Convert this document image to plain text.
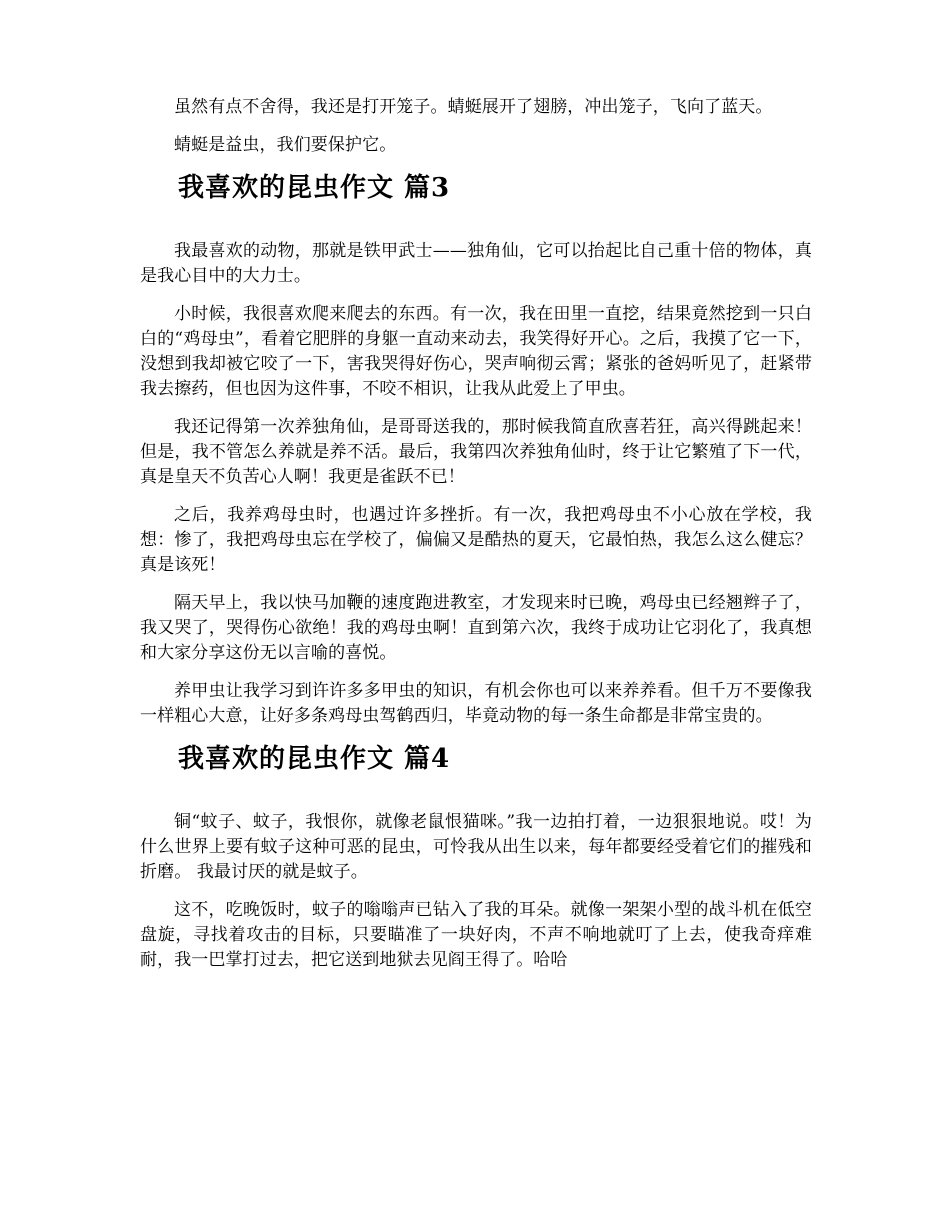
虽然有点不舍得，我还是打开笼子。蜻蜓展开了翅膀，冲出笼子，飞向了蓝天。

蜻蜓是益虫，我们要保护它。

我喜欢的昆虫作文 篇3

我最喜欢的动物，那就是铁甲武士——独角仙，它可以抬起比自己重十倍的物体，真是我心目中的大力士。

小时候，我很喜欢爬来爬去的东西。有一次，我在田里一直挖，结果竟然挖到一只白白的“鸡母虫”，看着它肥胖的身躯一直动来动去，我笑得好开心。之后，我摸了它一下，没想到我却被它咬了一下，害我哭得好伤心，哭声响彻云霄；紧张的爸妈听见了，赶紧带我去擦药，但也因为这件事，不咬不相识，让我从此爱上了甲虫。

我还记得第一次养独角仙，是哥哥送我的，那时候我简直欣喜若狂，高兴得跳起来！但是，我不管怎么养就是养不活。最后，我第四次养独角仙时，终于让它繁殖了下一代，真是皇天不负苦心人啊！我更是雀跃不已！

之后，我养鸡母虫时，也遇过许多挫折。有一次，我把鸡母虫不小心放在学校，我想：惨了，我把鸡母虫忘在学校了，偏偏又是酷热的夏天，它最怕热，我怎么这么健忘？真是该死！

隔天早上，我以快马加鞭的速度跑进教室，才发现来时已晚，鸡母虫已经翘辫子了，我又哭了，哭得伤心欲绝！我的鸡母虫啊！直到第六次，我终于成功让它羽化了，我真想和大家分享这份无以言喻的喜悦。

养甲虫让我学习到许许多多甲虫的知识，有机会你也可以来养养看。但千万不要像我一样粗心大意，让好多条鸡母虫驾鹤西归，毕竟动物的每一条生命都是非常宝贵的。

我喜欢的昆虫作文 篇4

铜“蚊子、蚊子，我恨你，就像老鼠恨猫咪。”我一边拍打着，一边狠狠地说。哎！为什么世界上要有蚊子这种可恶的昆虫，可怜我从出生以来，每年都要经受着它们的摧残和折磨。 我最讨厌的就是蚊子。

这不，吃晚饭时，蚊子的嗡嗡声已钻入了我的耳朵。就像一架架小型的战斗机在低空盘旋，寻找着攻击的目标，只要瞄准了一块好肉，不声不响地就叮了上去，使我奇痒难耐，我一巴掌打过去，把它送到地狱去见阎王得了。哈哈
